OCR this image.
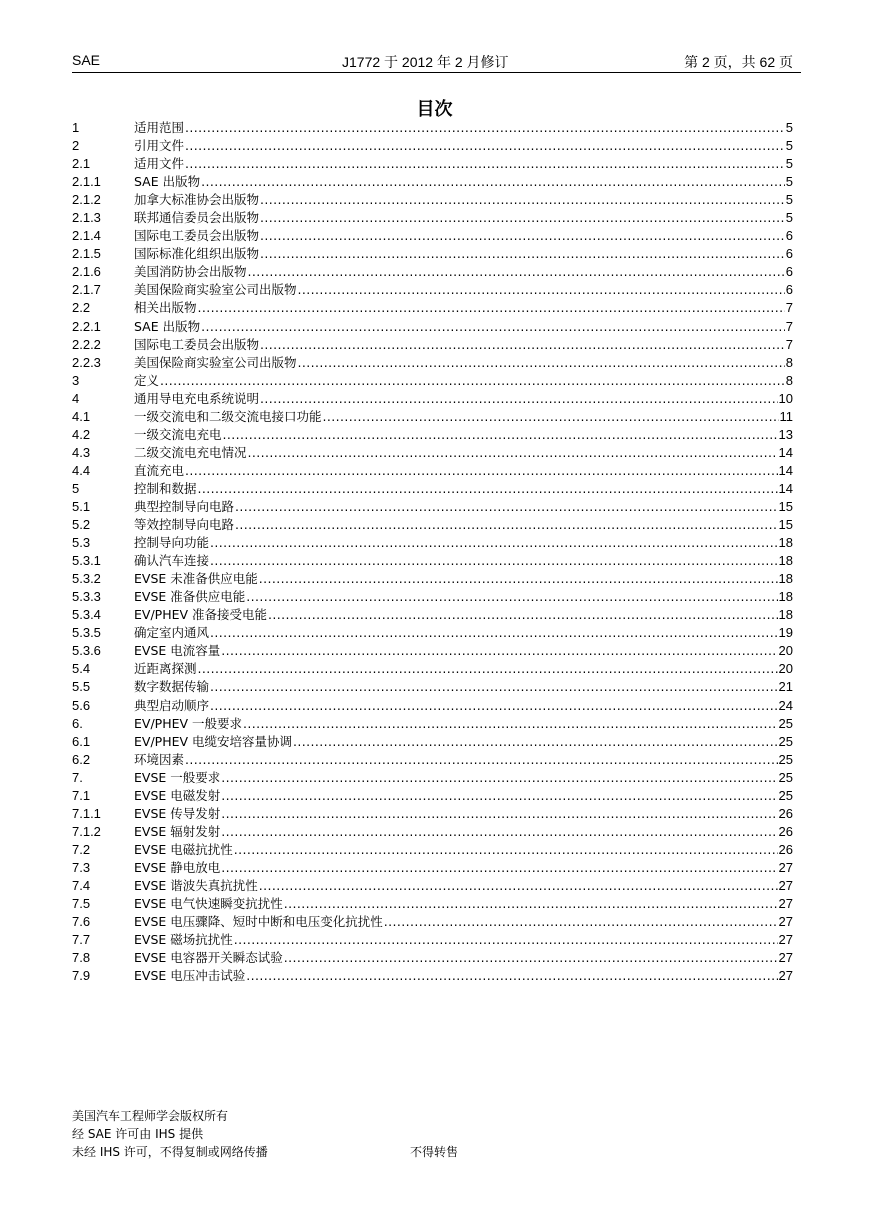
SAE	J1772 于 2012 年 2 月修订	第 2 页，共 62 页
目次
1	适用范围 .....	5
2	引用文件 .....	5
2.1	适用文件 .....	5
2.1.1	SAE 出版物 .....	5
2.1.2	加拿大标准协会出版物 .....	5
2.1.3	联邦通信委员会出版物 .....	5
2.1.4	国际电工委员会出版物 .....	6
2.1.5	国际标准化组织出版物 .....	6
2.1.6	美国消防协会出版物 .....	6
2.1.7	美国保险商实验室公司出版物 .....	6
2.2	相关出版物 .....	7
2.2.1	SAE 出版物 .....	7
2.2.2	国际电工委员会出版物 .....	7
2.2.3	美国保险商实验室公司出版物 .....	8
3	定义 .....	8
4	通用导电充电系统说明 .....	10
4.1	一级交流电和二级交流电接口功能 .....	11
4.2	一级交流电充电 .....	13
4.3	二级交流电充电情况 .....	14
4.4	直流充电 .....	14
5	控制和数据 .....	14
5.1	典型控制导向电路 .....	15
5.2	等效控制导向电路 .....	15
5.3	控制导向功能 .....	18
5.3.1	确认汽车连接 .....	18
5.3.2	EVSE 未准备供应电能 .....	18
5.3.3	EVSE 准备供应电能 .....	18
5.3.4	EV/PHEV 准备接受电能 .....	18
5.3.5	确定室内通风 .....	19
5.3.6	EVSE 电流容量 .....	20
5.4	近距离探测 .....	20
5.5	数字数据传输 .....	21
5.6	典型启动顺序 .....	24
6.	EV/PHEV 一般要求 .....	25
6.1	EV/PHEV 电缆安培容量协调 .....	25
6.2	环境因素 .....	25
7.	EVSE 一般要求 .....	25
7.1	EVSE 电磁发射 .....	25
7.1.1	EVSE 传导发射 .....	26
7.1.2	EVSE 辐射发射 .....	26
7.2	EVSE 电磁抗扰性 .....	26
7.3	EVSE 静电放电 .....	27
7.4	EVSE 谐波失真抗扰性 .....	27
7.5	EVSE 电气快速瞬变抗扰性 .....	27
7.6	EVSE 电压骤降、短时中断和电压变化抗扰性 .....	27
7.7	EVSE 磁场抗扰性 .....	27
7.8	EVSE 电容器开关瞬态试验 .....	27
7.9	EVSE 电压冲击试验 .....	27
美国汽车工程师学会版权所有
经 SAE 许可由 IHS 提供
未经 IHS 许可，不得复制或网络传播	不得转售
